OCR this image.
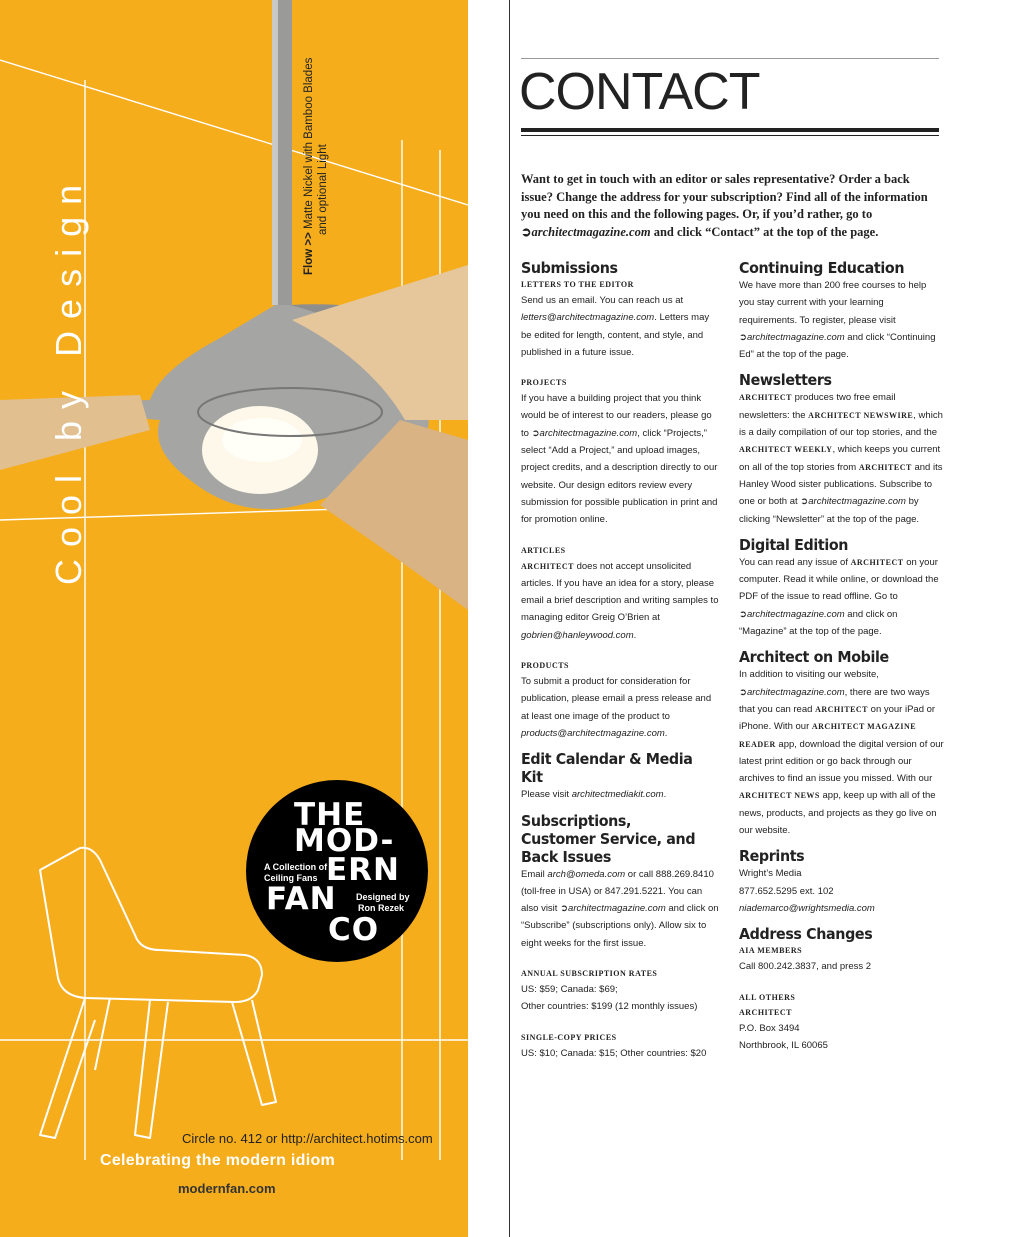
Cool by Design	Flow >> Matte Nickel with Bamboo Blades and optional Light
THE
MOD-
ERN
FAN
CO
A Collection of
Ceiling Fans
Designed by
Ron Rezek
Circle no. 412 or http://architect.hotims.com
Celebrating the modern idiom
modernfan.com
CONTACT

Want to get in touch with an editor or sales representative? Order a back issue? Change the address for your subscription? Find all of the information you need on this and the following pages. Or, if you’d rather, go to ➲architectmagazine.com and click “Contact” at the top of the page.

Submissions
LETTERS TO THE EDITOR

Send us an email. You can reach us at letters@architectmagazine.com. Letters may be edited for length, content, and style, and published in a future issue.

PROJECTS

If you have a building project that you think would be of interest to our readers, please go to ➲architectmagazine.com, click “Projects,” select “Add a Project,” and upload images, project credits, and a description directly to our website. Our design editors review every submission for possible publication in print and for promotion online.

ARTICLES

ARCHITECT does not accept unsolicited articles. If you have an idea for a story, please email a brief description and writing samples to managing editor Greig O’Brien at gobrien@hanleywood.com.

PRODUCTS

To submit a product for consideration for publication, please email a press release and at least one image of the product to products@architectmagazine.com.

Edit Calendar & Media Kit

Please visit architectmediakit.com.

Subscriptions, Customer Service, and Back Issues

Email arch@omeda.com or call 888.269.8410 (toll-free in USA) or 847.291.5221. You can also visit ➲architectmagazine.com and click on “Subscribe” (subscriptions only). Allow six to eight weeks for the first issue.

ANNUAL SUBSCRIPTION RATES

US: $59; Canada: $69;

Other countries: $199 (12 monthly issues)

SINGLE-COPY PRICES

US: $10; Canada: $15; Other countries: $20

Continuing Education

We have more than 200 free courses to help you stay current with your learning requirements. To register, please visit ➲architectmagazine.com and click “Continuing Ed” at the top of the page.

Newsletters

ARCHITECT produces two free email newsletters: the ARCHITECT NEWSWIRE, which is a daily compilation of our top stories, and the ARCHITECT WEEKLY, which keeps you current on all of the top stories from ARCHITECT and its Hanley Wood sister publications. Subscribe to one or both at ➲architectmagazine.com by clicking “Newsletter” at the top of the page.

Digital Edition

You can read any issue of ARCHITECT on your computer. Read it while online, or download the PDF of the issue to read offline. Go to ➲architectmagazine.com and click on “Magazine” at the top of the page.

Architect on Mobile

In addition to visiting our website, ➲architectmagazine.com, there are two ways that you can read ARCHITECT on your iPad or iPhone. With our ARCHITECT MAGAZINE READER app, download the digital version of our latest print edition or go back through our archives to find an issue you missed. With our ARCHITECT NEWS app, keep up with all of the news, products, and projects as they go live on our website.

Reprints

Wright’s Media

877.652.5295 ext. 102

niademarco@wrightsmedia.com

Address Changes
AIA MEMBERS

Call 800.242.3837, and press 2

ALL OTHERS
ARCHITECT

P.O. Box 3494

Northbrook, IL 60065
